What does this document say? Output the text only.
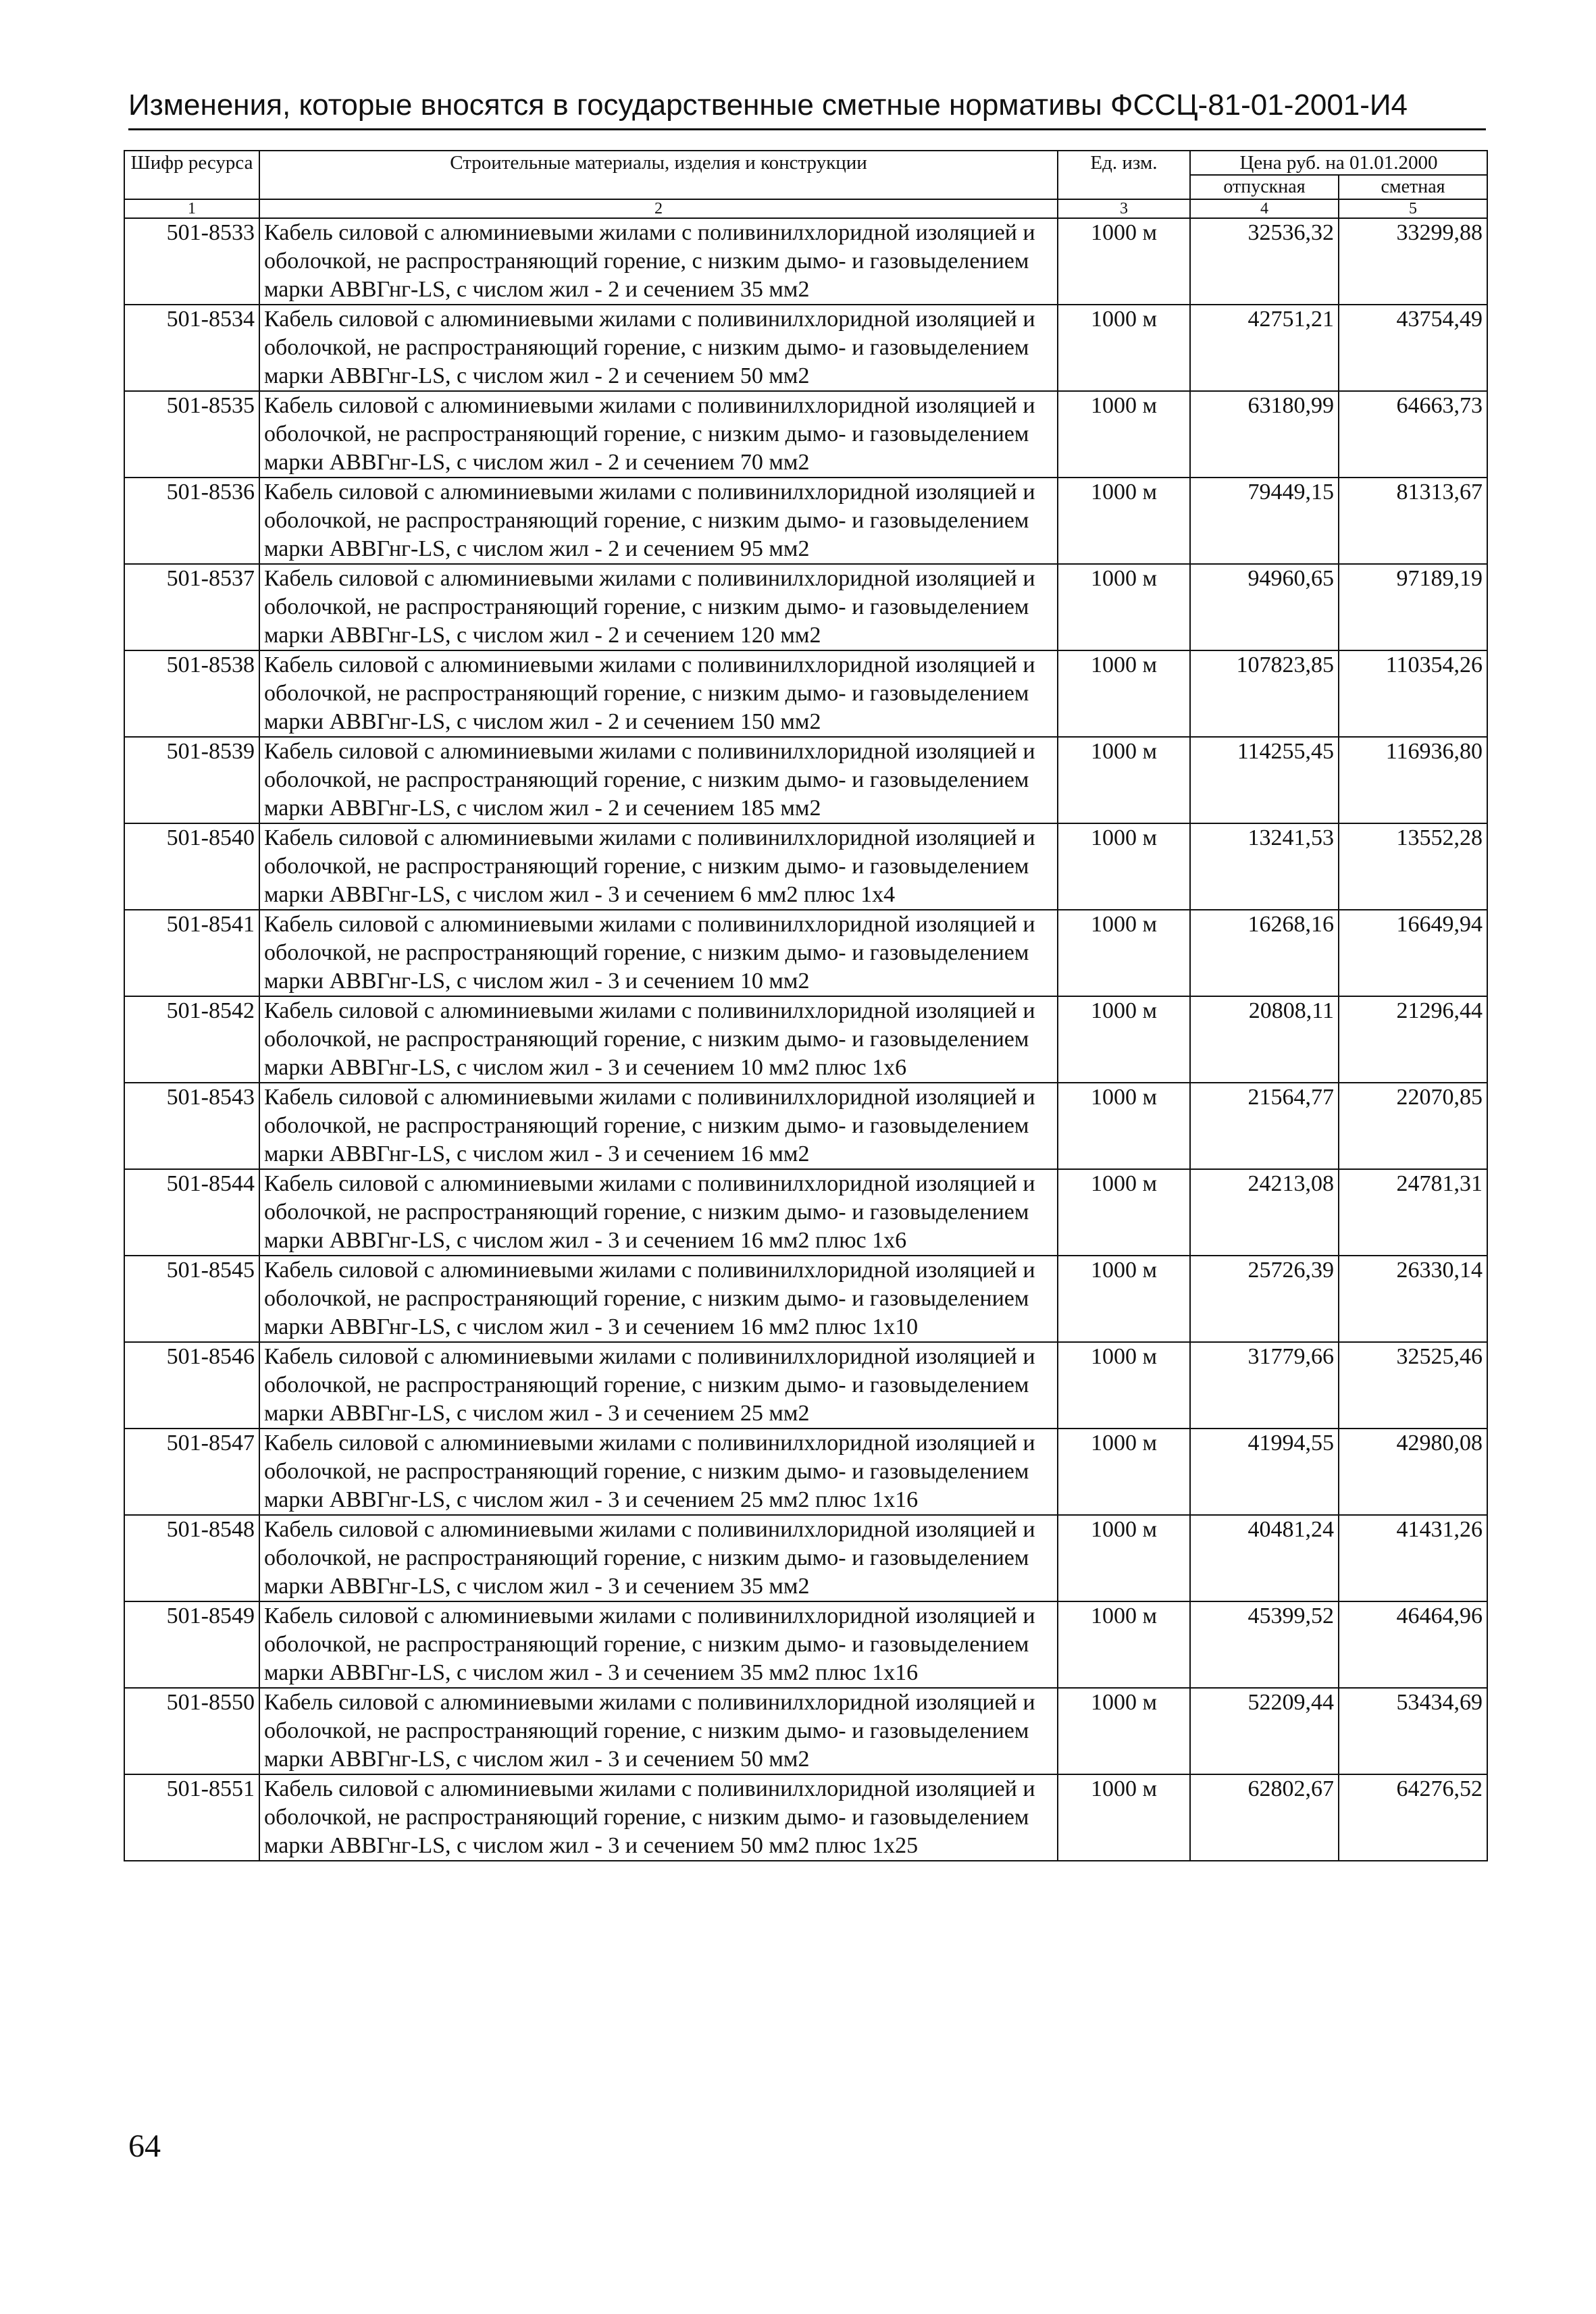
Изменения, которые вносятся в государственные сметные нормативы ФССЦ-81-01-2001-И4
Шифр ресурса	Строительные материалы, изделия и конструкции	Ед. изм.	Цена руб. на 01.01.2000	
			отпускная	сметная
1	2	3	4	5
501-8533	Кабель силовой с алюминиевыми жилами с поливинилхлоридной изоляцией и оболочкой, не распространяющий горение, с низким дымо- и газовыделением марки АВВГнг-LS, с числом жил - 2 и сечением 35 мм2	1000 м	32536,32	33299,88
501-8534	Кабель силовой с алюминиевыми жилами с поливинилхлоридной изоляцией и оболочкой, не распространяющий горение, с низким дымо- и газовыделением марки АВВГнг-LS, с числом жил - 2 и сечением 50 мм2	1000 м	42751,21	43754,49
501-8535	Кабель силовой с алюминиевыми жилами с поливинилхлоридной изоляцией и оболочкой, не распространяющий горение, с низким дымо- и газовыделением марки АВВГнг-LS, с числом жил - 2 и сечением 70 мм2	1000 м	63180,99	64663,73
501-8536	Кабель силовой с алюминиевыми жилами с поливинилхлоридной изоляцией и оболочкой, не распространяющий горение, с низким дымо- и газовыделением марки АВВГнг-LS, с числом жил - 2 и сечением 95 мм2	1000 м	79449,15	81313,67
501-8537	Кабель силовой с алюминиевыми жилами с поливинилхлоридной изоляцией и оболочкой, не распространяющий горение, с низким дымо- и газовыделением марки АВВГнг-LS, с числом жил - 2 и сечением 120 мм2	1000 м	94960,65	97189,19
501-8538	Кабель силовой с алюминиевыми жилами с поливинилхлоридной изоляцией и оболочкой, не распространяющий горение, с низким дымо- и газовыделением марки АВВГнг-LS, с числом жил - 2 и сечением 150 мм2	1000 м	107823,85	110354,26
501-8539	Кабель силовой с алюминиевыми жилами с поливинилхлоридной изоляцией и оболочкой, не распространяющий горение, с низким дымо- и газовыделением марки АВВГнг-LS, с числом жил - 2 и сечением 185 мм2	1000 м	114255,45	116936,80
501-8540	Кабель силовой с алюминиевыми жилами с поливинилхлоридной изоляцией и оболочкой, не распространяющий горение, с низким дымо- и газовыделением марки АВВГнг-LS, с числом жил - 3 и сечением 6 мм2 плюс 1х4	1000 м	13241,53	13552,28
501-8541	Кабель силовой с алюминиевыми жилами с поливинилхлоридной изоляцией и оболочкой, не распространяющий горение, с низким дымо- и газовыделением марки АВВГнг-LS, с числом жил - 3 и сечением 10 мм2	1000 м	16268,16	16649,94
501-8542	Кабель силовой с алюминиевыми жилами с поливинилхлоридной изоляцией и оболочкой, не распространяющий горение, с низким дымо- и газовыделением марки АВВГнг-LS, с числом жил - 3 и сечением 10 мм2 плюс 1х6	1000 м	20808,11	21296,44
501-8543	Кабель силовой с алюминиевыми жилами с поливинилхлоридной изоляцией и оболочкой, не распространяющий горение, с низким дымо- и газовыделением марки АВВГнг-LS, с числом жил - 3 и сечением 16 мм2	1000 м	21564,77	22070,85
501-8544	Кабель силовой с алюминиевыми жилами с поливинилхлоридной изоляцией и оболочкой, не распространяющий горение, с низким дымо- и газовыделением марки АВВГнг-LS, с числом жил - 3 и сечением 16 мм2 плюс 1х6	1000 м	24213,08	24781,31
501-8545	Кабель силовой с алюминиевыми жилами с поливинилхлоридной изоляцией и оболочкой, не распространяющий горение, с низким дымо- и газовыделением марки АВВГнг-LS, с числом жил - 3 и сечением 16 мм2 плюс 1х10	1000 м	25726,39	26330,14
501-8546	Кабель силовой с алюминиевыми жилами с поливинилхлоридной изоляцией и оболочкой, не распространяющий горение, с низким дымо- и газовыделением марки АВВГнг-LS, с числом жил - 3 и сечением 25 мм2	1000 м	31779,66	32525,46
501-8547	Кабель силовой с алюминиевыми жилами с поливинилхлоридной изоляцией и оболочкой, не распространяющий горение, с низким дымо- и газовыделением марки АВВГнг-LS, с числом жил - 3 и сечением 25 мм2 плюс 1х16	1000 м	41994,55	42980,08
501-8548	Кабель силовой с алюминиевыми жилами с поливинилхлоридной изоляцией и оболочкой, не распространяющий горение, с низким дымо- и газовыделением марки АВВГнг-LS, с числом жил - 3 и сечением 35 мм2	1000 м	40481,24	41431,26
501-8549	Кабель силовой с алюминиевыми жилами с поливинилхлоридной изоляцией и оболочкой, не распространяющий горение, с низким дымо- и газовыделением марки АВВГнг-LS, с числом жил - 3 и сечением 35 мм2 плюс 1х16	1000 м	45399,52	46464,96
501-8550	Кабель силовой с алюминиевыми жилами с поливинилхлоридной изоляцией и оболочкой, не распространяющий горение, с низким дымо- и газовыделением марки АВВГнг-LS, с числом жил - 3 и сечением 50 мм2	1000 м	52209,44	53434,69
501-8551	Кабель силовой с алюминиевыми жилами с поливинилхлоридной изоляцией и оболочкой, не распространяющий горение, с низким дымо- и газовыделением марки АВВГнг-LS, с числом жил - 3 и сечением 50 мм2 плюс 1х25	1000 м	62802,67	64276,52
64
